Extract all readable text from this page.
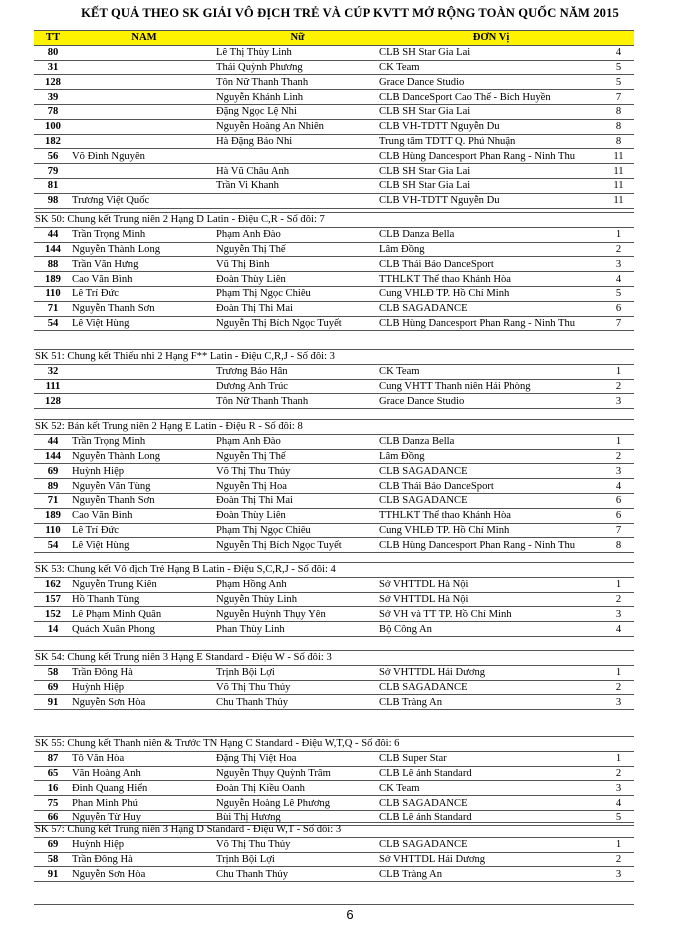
KẾT QUẢ THEO SK GIẢI VÔ ĐỊCH TRẺ VÀ CÚP KVTT MỞ RỘNG TOÀN QUỐC NĂM 2015
TT	NAM	Nữ	ĐƠN Vị	
80		Lê Thị Thùy Linh	CLB SH Star Gia Lai	4
31		Thái Quỳnh Phương	CK Team	5
128		Tôn Nữ Thanh Thanh	Grace Dance Studio	5
39		Nguyễn Khánh Linh	CLB DanceSport Cao Thế - Bích Huyền	7
78		Đặng Ngọc Lệ Nhi	CLB SH Star Gia Lai	8
100		Nguyễn Hoàng An Nhiên	CLB VH-TDTT Nguyễn Du	8
182		Hà Đặng Bảo Nhi	Trung tâm TDTT Q. Phú Nhuận	8
56	Võ Đình Nguyên		CLB Hùng Dancesport Phan Rang - Ninh Thu	11
79		Hà Vũ Châu Anh	CLB SH Star Gia Lai	11
81		Trần Vi Khanh	CLB SH Star Gia Lai	11
98	Trương Việt Quốc		CLB VH-TDTT Nguyễn Du	11
SK 50: Chung kết Trung niên 2 Hạng D Latin - Điệu C,R - Số đôi: 7				
44	Trần Trọng Minh	Phạm Anh Đào	CLB Danza Bella	1
144	Nguyễn Thành Long	Nguyễn Thị Thế	Lâm Đồng	2
88	Trần Văn Hưng	Vũ Thị Bình	CLB Thái Bảo DanceSport	3
189	Cao Văn Bình	Đoàn Thùy Liên	TTHLKT Thể thao Khánh Hòa	4
110	Lê Trí Đức	Phạm Thị Ngọc Chiêu	Cung VHLĐ TP. Hồ Chí Minh	5
71	Nguyễn Thanh Sơn	Đoàn Thị Thi Mai	CLB SAGADANCE	6
54	Lê Việt Hùng	Nguyễn Thị Bích Ngọc Tuyết	CLB Hùng Dancesport Phan Rang - Ninh Thu	7
SK 51: Chung kết Thiếu nhi 2 Hạng F** Latin - Điệu C,R,J - Số đôi: 3				
32		Trương Bảo Hân	CK Team	1
111		Dương Anh Trúc	Cung VHTT Thanh niên Hải Phòng	2
128		Tôn Nữ Thanh Thanh	Grace Dance Studio	3
SK 52: Bán kết Trung niên 2 Hạng E Latin - Điệu R - Số đôi: 8				
44	Trần Trọng Minh	Phạm Anh Đào	CLB Danza Bella	1
144	Nguyễn Thành Long	Nguyễn Thị Thế	Lâm Đồng	2
69	Huỳnh Hiệp	Võ Thị Thu Thủy	CLB SAGADANCE	3
89	Nguyễn Văn Tùng	Nguyễn Thị Hoa	CLB Thái Bảo DanceSport	4
71	Nguyễn Thanh Sơn	Đoàn Thị Thi Mai	CLB SAGADANCE	6
189	Cao Văn Bình	Đoàn Thùy Liên	TTHLKT Thể thao Khánh Hòa	6
110	Lê Trí Đức	Phạm Thị Ngọc Chiêu	Cung VHLĐ TP. Hồ Chí Minh	7
54	Lê Việt Hùng	Nguyễn Thị Bích Ngọc Tuyết	CLB Hùng Dancesport Phan Rang - Ninh Thu	8
SK 53: Chung kết Vô địch Trẻ Hạng B Latin - Điệu S,C,R,J - Số đôi: 4				
162	Nguyễn Trung Kiên	Phạm Hồng Anh	Sở VHTTDL Hà Nội	1
157	Hồ Thanh Tùng	Nguyễn Thùy Linh	Sở VHTTDL Hà Nội	2
152	Lê Phạm Minh Quân	Nguyễn Huỳnh Thụy Yên	Sở VH và TT TP. Hồ Chí Minh	3
14	Quách Xuân Phong	Phan Thùy Linh	Bộ Công An	4
SK 54: Chung kết Trung niên 3 Hạng E Standard - Điệu W - Số đôi: 3				
58	Trần Đông Hà	Trịnh Bội Lợi	Sở VHTTDL Hải Dương	1
69	Huỳnh Hiệp	Võ Thị Thu Thủy	CLB SAGADANCE	2
91	Nguyễn Sơn Hòa	Chu Thanh Thủy	CLB Tràng An	3
SK 55: Chung kết Thanh niên & Trước TN Hạng C Standard - Điệu W,T,Q - Số đôi: 6				
87	Tô Văn Hòa	Đặng Thị Việt Hoa	CLB Super Star	1
65	Văn Hoàng Anh	Nguyễn Thụy Quỳnh Trâm	CLB Lê ánh Standard	2
16	Đinh Quang Hiển	Đoàn Thị Kiều Oanh	CK Team	3
75	Phan Minh Phú	Nguyễn Hoàng Lê Phương	CLB SAGADANCE	4
66	Nguyễn Từ Huy	Bùi Thị Hương	CLB Lê ánh Standard	5
SK 57: Chung kết Trung niên 3 Hạng D Standard - Điệu W,T - Số đôi: 3				
69	Huỳnh Hiệp	Võ Thị Thu Thủy	CLB SAGADANCE	1
58	Trần Đông Hà	Trịnh Bội Lợi	Sở VHTTDL Hải Dương	2
91	Nguyễn Sơn Hòa	Chu Thanh Thủy	CLB Tràng An	3
6
